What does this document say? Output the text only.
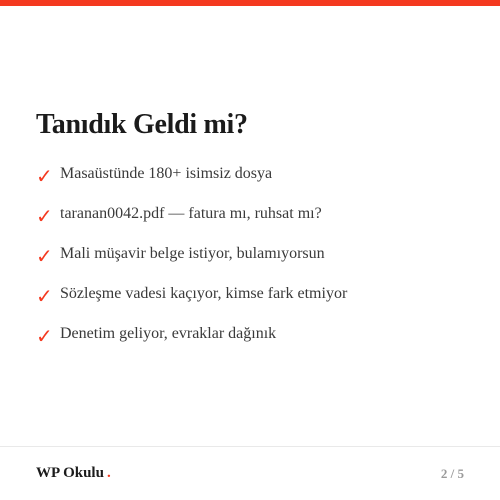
Tanıdık Geldi mi?
✓ Masaüstünde 180+ isimsiz dosya
✓ taranan0042.pdf — fatura mı, ruhsat mı?
✓ Mali müşavir belge istiyor, bulamıyorsun
✓ Sözleşme vadesi kaçıyor, kimse fark etmiyor
✓ Denetim geliyor, evraklar dağınık
WP Okulu .	2 / 5
